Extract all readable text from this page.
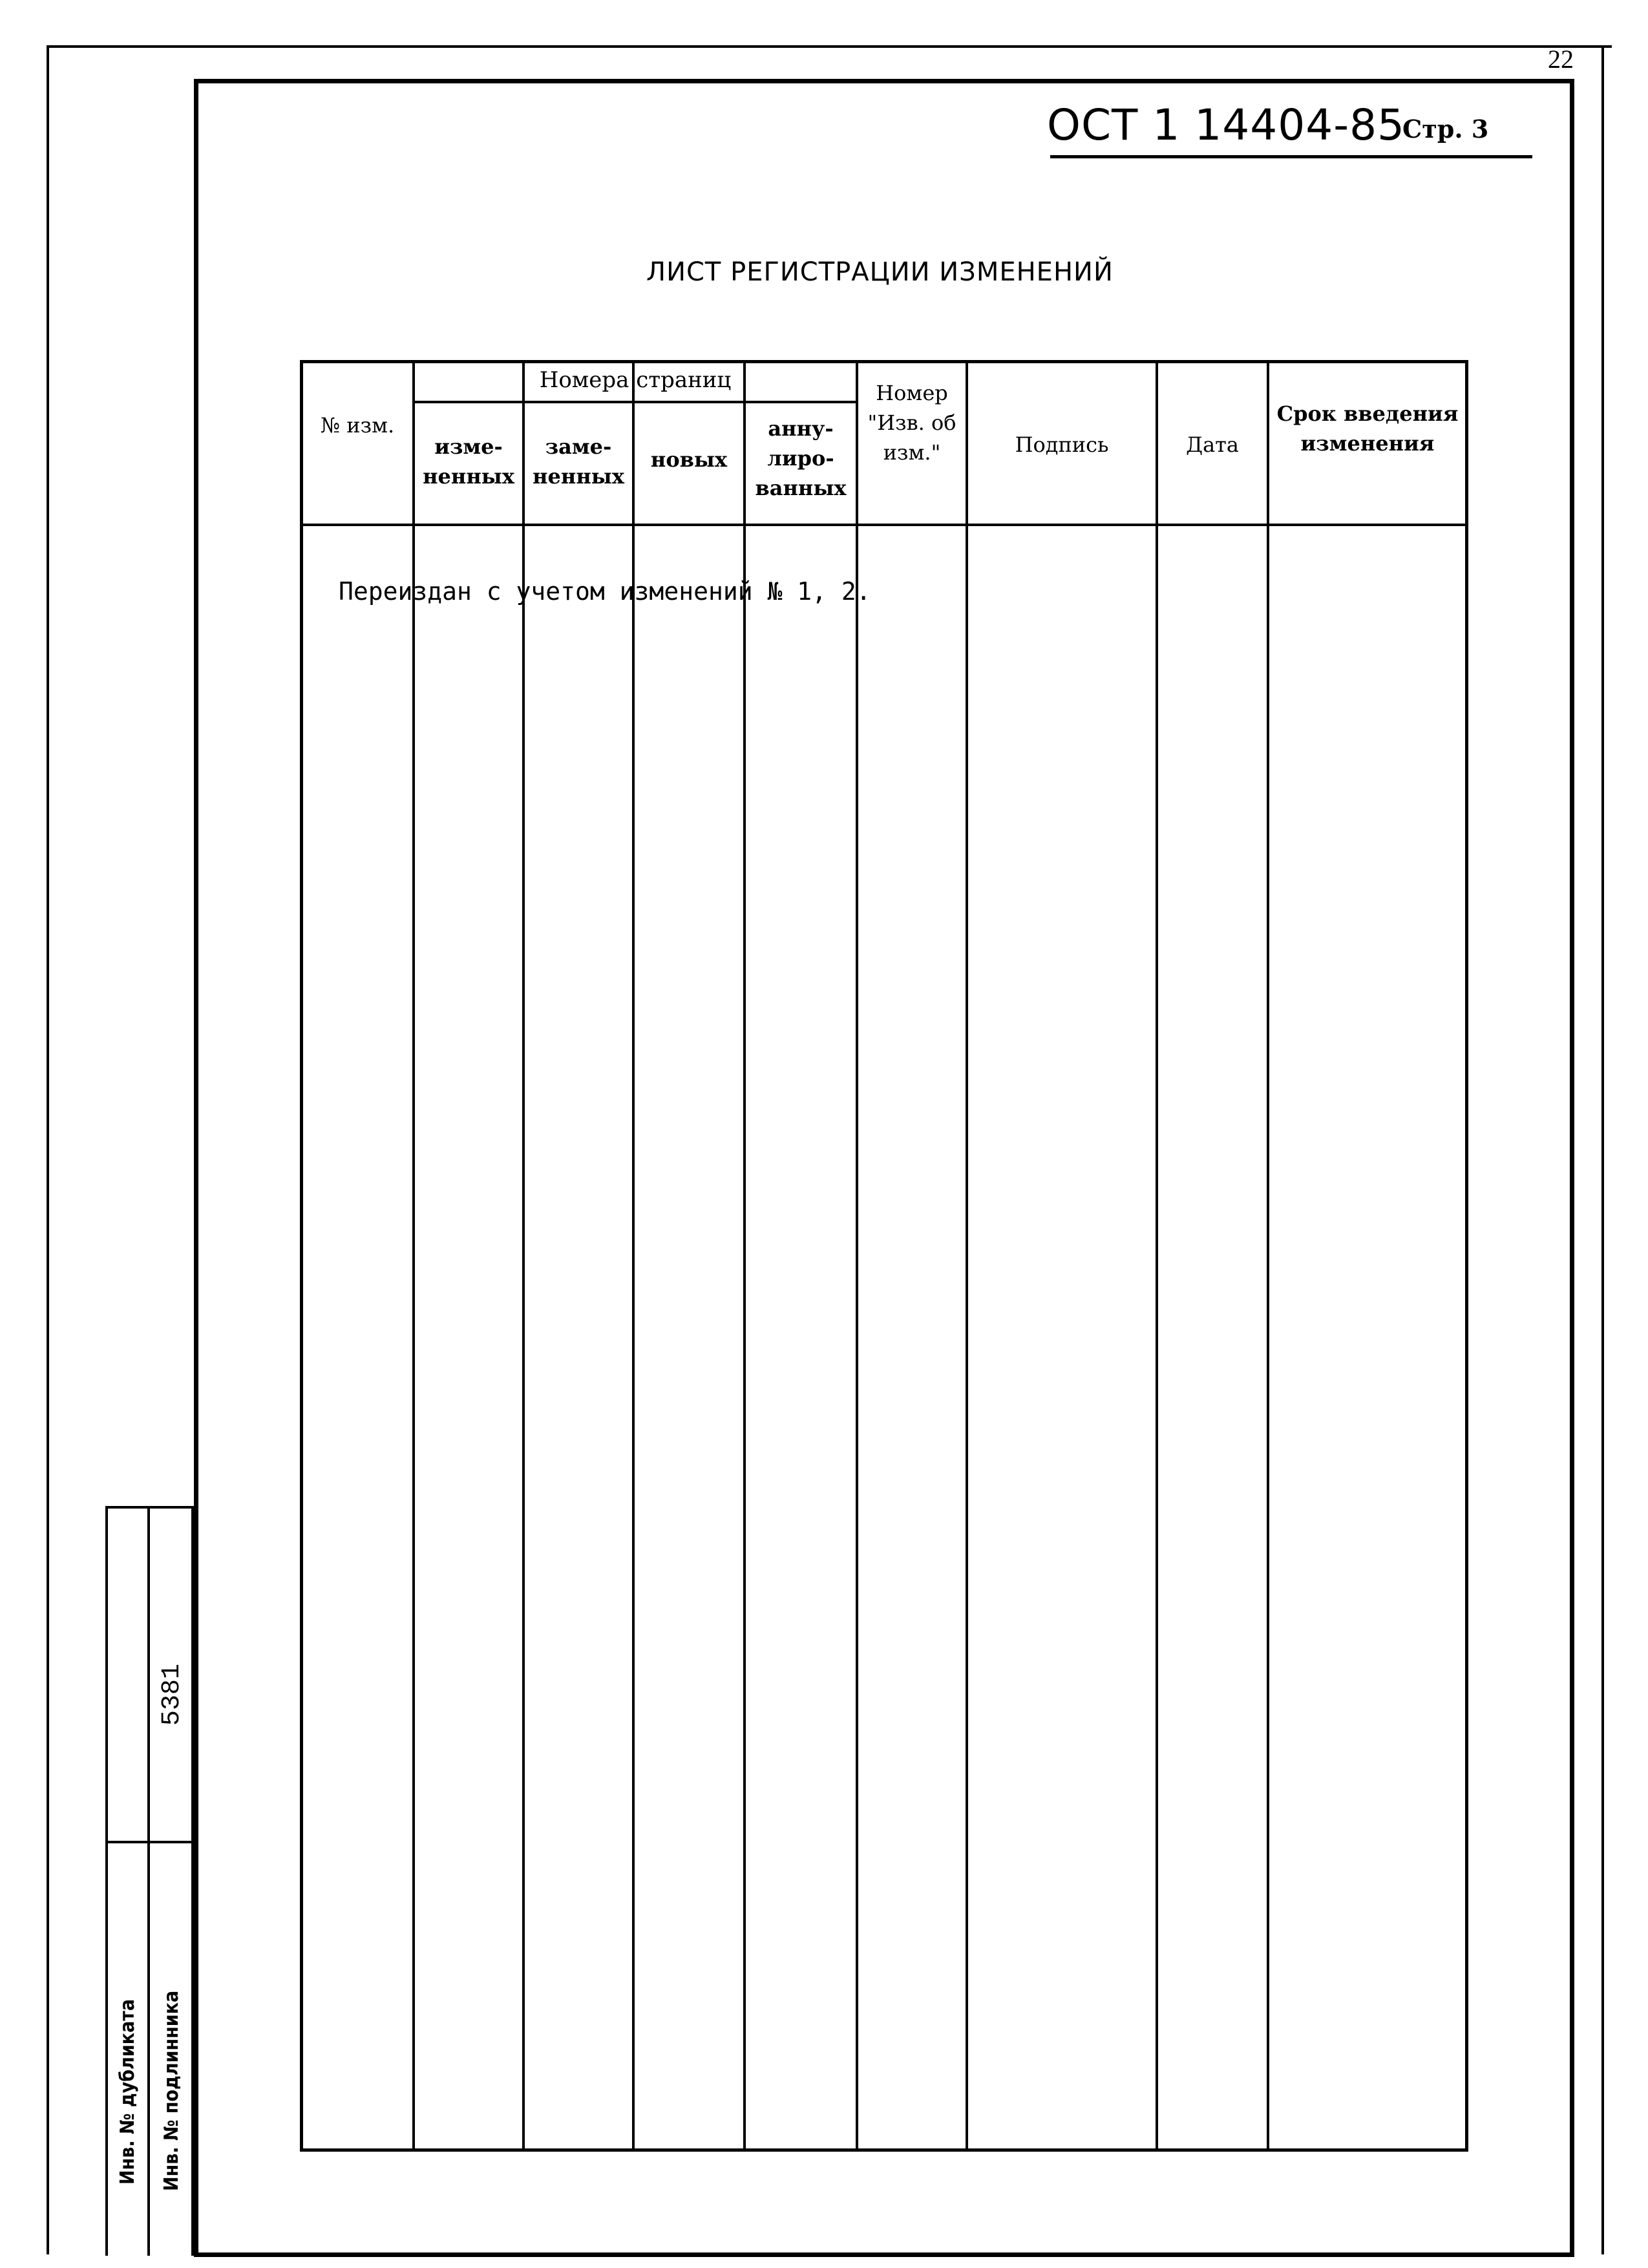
22
ОСТ 1 14404-85
Стр. 3
ЛИСТ РЕГИСТРАЦИИ ИЗМЕНЕНИЙ
№ изм.
Номера страниц
изме- ненных
заме- ненных
новых
анну- лиро- ванных
Номер "Изв. об изм."	Подпись	Дата
Срок введения изменения
Переиздан с учетом изменений № 1, 2.
Инв. № дубликата Инв. № подлинника
5381
